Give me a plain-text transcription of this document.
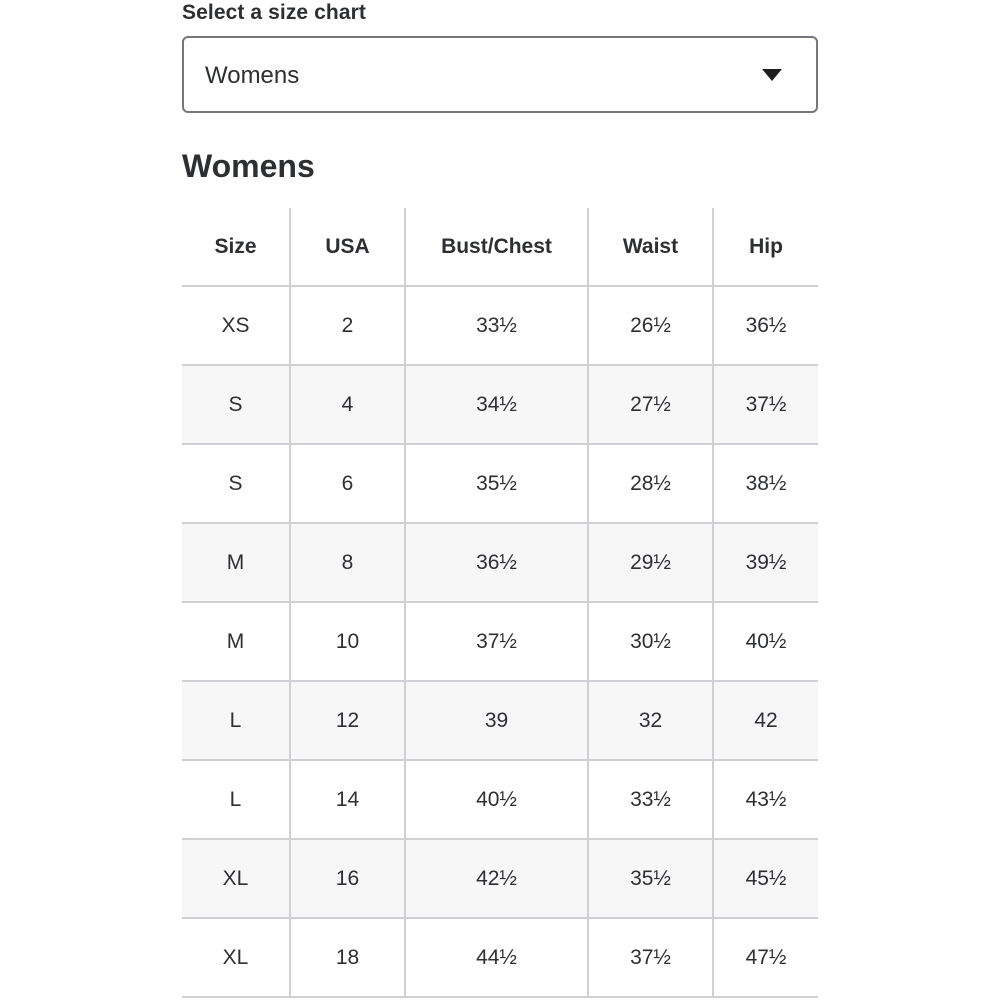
Select a size chart
Womens
Womens
Size	USA	Bust/Chest	Waist	Hip
XS	2	33½	26½	36½
S	4	34½	27½	37½
S	6	35½	28½	38½
M	8	36½	29½	39½
M	10	37½	30½	40½
L	12	39	32	42
L	14	40½	33½	43½
XL	16	42½	35½	45½
XL	18	44½	37½	47½
